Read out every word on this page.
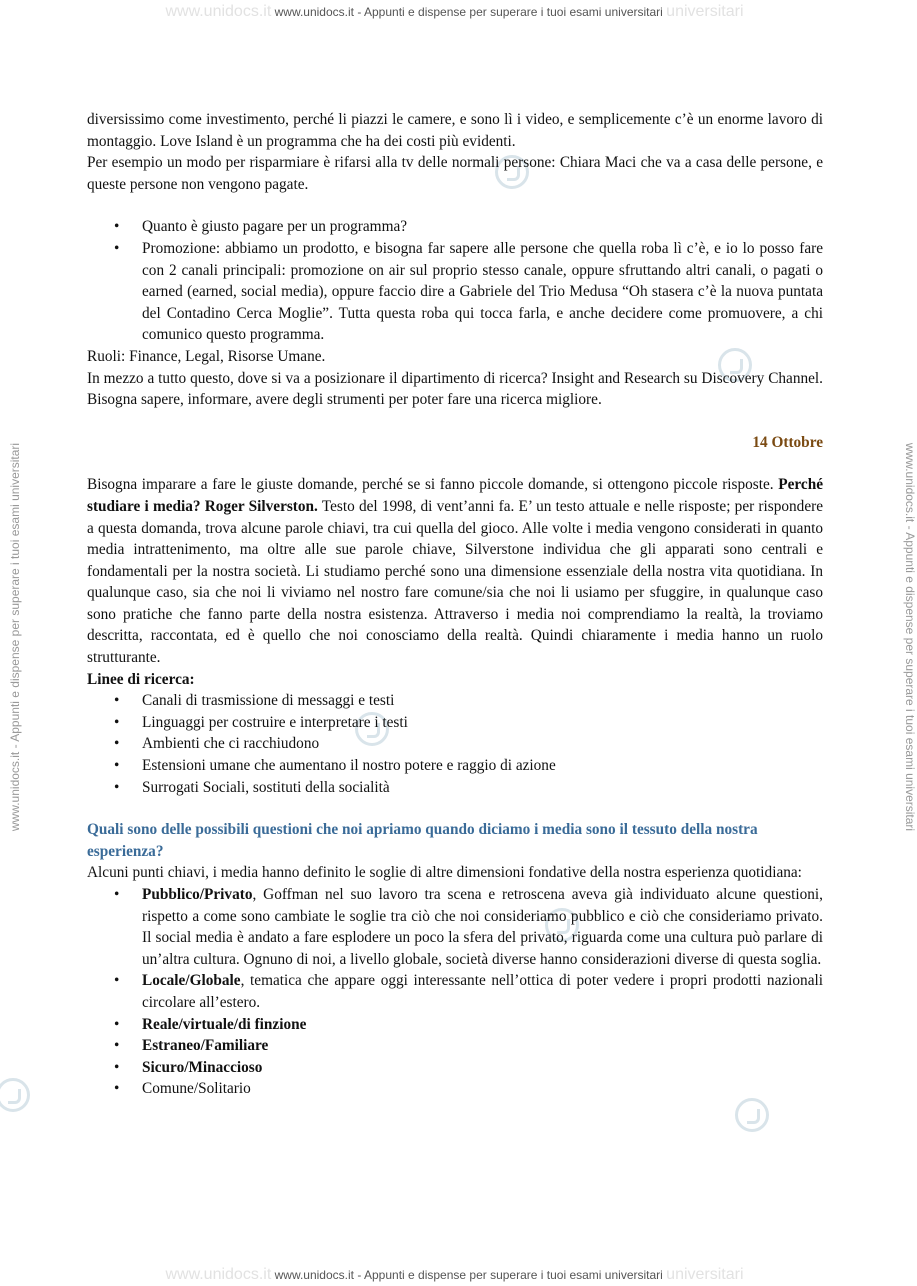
www.unidocs.it www.unidocs.it - Appunti e dispense per superare i tuoi esami universitari universitari
www.unidocs.it www.unidocs.it - Appunti e dispense per superare i tuoi esami universitari universitari
www.unidocs.it - Appunti e dispense per superare i tuoi esami universitari	www.unidocs.it - Appunti e dispense per superare i tuoi esami universitari

diversissimo come investimento, perché li piazzi le camere, e sono lì i video, e semplicemente c’è un enorme lavoro di montaggio. Love Island è un programma che ha dei costi più evidenti.

Per esempio un modo per risparmiare è rifarsi alla tv delle normali persone: Chiara Maci che va a casa delle persone, e queste persone non vengono pagate.

• Quanto è giusto pagare per un programma?
• Promozione: abbiamo un prodotto, e bisogna far sapere alle persone che quella roba lì c’è, e io lo posso fare con 2 canali principali: promozione on air sul proprio stesso canale, oppure sfruttando altri canali, o pagati o earned (earned, social media), oppure faccio dire a Gabriele del Trio Medusa “Oh stasera c’è la nuova puntata del Contadino Cerca Moglie”. Tutta questa roba qui tocca farla, e anche decidere come promuovere, a chi comunico questo programma.

Ruoli: Finance, Legal, Risorse Umane.

In mezzo a tutto questo, dove si va a posizionare il dipartimento di ricerca? Insight and Research su Discovery Channel. Bisogna sapere, informare, avere degli strumenti per poter fare una ricerca migliore.

14 Ottobre

Bisogna imparare a fare le giuste domande, perché se si fanno piccole domande, si ottengono piccole risposte. Perché studiare i media? Roger Silverston. Testo del 1998, di vent’anni fa. E’ un testo attuale e nelle risposte; per rispondere a questa domanda, trova alcune parole chiavi, tra cui quella del gioco. Alle volte i media vengono considerati in quanto media intrattenimento, ma oltre alle sue parole chiave, Silverstone individua che gli apparati sono centrali e fondamentali per la nostra società. Li studiamo perché sono una dimensione essenziale della nostra vita quotidiana. In qualunque caso, sia che noi li viviamo nel nostro fare comune/sia che noi li usiamo per sfuggire, in qualunque caso sono pratiche che fanno parte della nostra esistenza. Attraverso i media noi comprendiamo la realtà, la troviamo descritta, raccontata, ed è quello che noi conosciamo della realtà. Quindi chiaramente i media hanno un ruolo strutturante.

Linee di ricerca:

• Canali di trasmissione di messaggi e testi
• Linguaggi per costruire e interpretare i testi
• Ambienti che ci racchiudono
• Estensioni umane che aumentano il nostro potere e raggio di azione
• Surrogati Sociali, sostituti della socialità

Quali sono delle possibili questioni che noi apriamo quando diciamo i media sono il tessuto della nostra esperienza?

Alcuni punti chiavi, i media hanno definito le soglie di altre dimensioni fondative della nostra esperienza quotidiana:

• Pubblico/Privato, Goffman nel suo lavoro tra scena e retroscena aveva già individuato alcune questioni, rispetto a come sono cambiate le soglie tra ciò che noi consideriamo pubblico e ciò che consideriamo privato. Il social media è andato a fare esplodere un poco la sfera del privato, riguarda come una cultura può parlare di un’altra cultura. Ognuno di noi, a livello globale, società diverse hanno considerazioni diverse di questa soglia.
• Locale/Globale, tematica che appare oggi interessante nell’ottica di poter vedere i propri prodotti nazionali circolare all’estero.
• Reale/virtuale/di finzione
• Estraneo/Familiare
• Sicuro/Minaccioso
• Comune/Solitario
